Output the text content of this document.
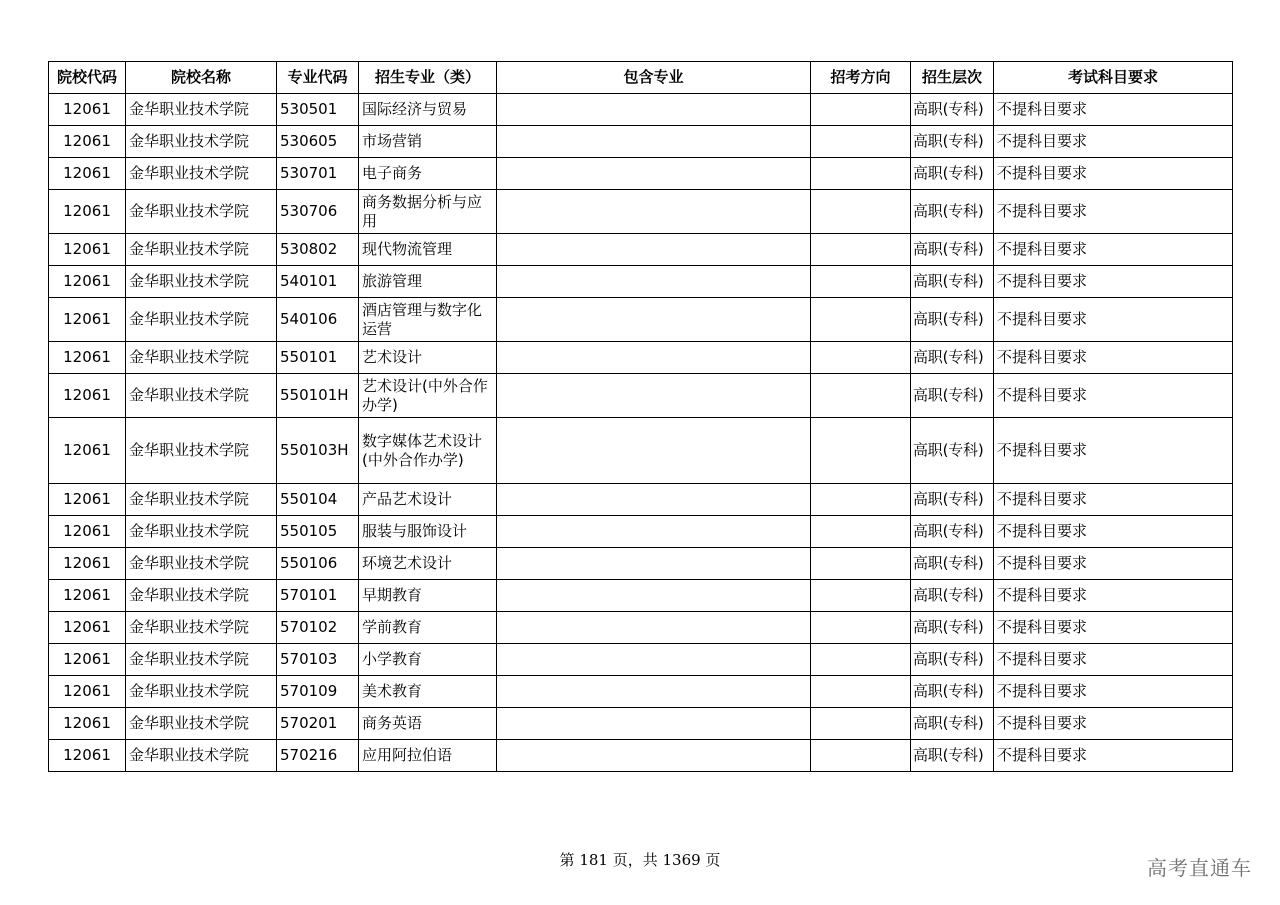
院校代码	院校名称	专业代码	招生专业（类）	包含专业	招考方向	招生层次	考试科目要求
12061	金华职业技术学院	530501	国际经济与贸易			高职(专科)	不提科目要求
12061	金华职业技术学院	530605	市场营销			高职(专科)	不提科目要求
12061	金华职业技术学院	530701	电子商务			高职(专科)	不提科目要求
12061	金华职业技术学院	530706	商务数据分析与应用			高职(专科)	不提科目要求
12061	金华职业技术学院	530802	现代物流管理			高职(专科)	不提科目要求
12061	金华职业技术学院	540101	旅游管理			高职(专科)	不提科目要求
12061	金华职业技术学院	540106	酒店管理与数字化运营			高职(专科)	不提科目要求
12061	金华职业技术学院	550101	艺术设计			高职(专科)	不提科目要求
12061	金华职业技术学院	550101H	艺术设计(中外合作办学)			高职(专科)	不提科目要求
12061	金华职业技术学院	550103H	数字媒体艺术设计(中外合作办学)			高职(专科)	不提科目要求
12061	金华职业技术学院	550104	产品艺术设计			高职(专科)	不提科目要求
12061	金华职业技术学院	550105	服装与服饰设计			高职(专科)	不提科目要求
12061	金华职业技术学院	550106	环境艺术设计			高职(专科)	不提科目要求
12061	金华职业技术学院	570101	早期教育			高职(专科)	不提科目要求
12061	金华职业技术学院	570102	学前教育			高职(专科)	不提科目要求
12061	金华职业技术学院	570103	小学教育			高职(专科)	不提科目要求
12061	金华职业技术学院	570109	美术教育			高职(专科)	不提科目要求
12061	金华职业技术学院	570201	商务英语			高职(专科)	不提科目要求
12061	金华职业技术学院	570216	应用阿拉伯语			高职(专科)	不提科目要求
第 181 页，共 1369 页	高考直通车
